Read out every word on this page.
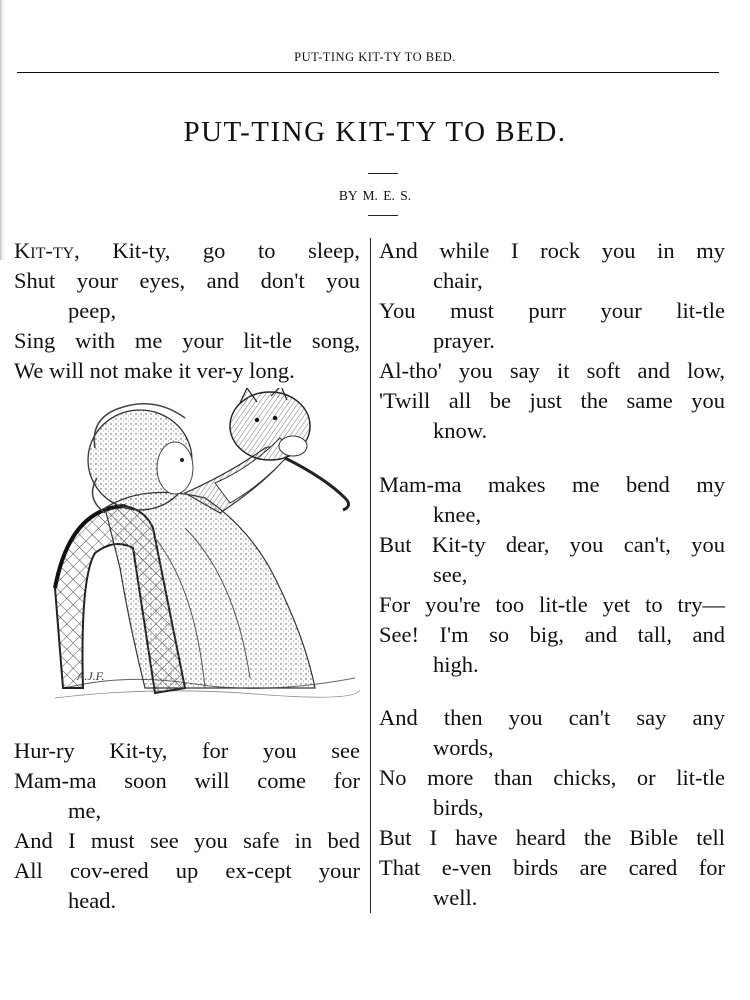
PUT-TING KIT-TY TO BED.
PUT-TING KIT-TY TO BED.
BY M. E. S.
Kit-ty, Kit-ty, go to sleep,
Shut your eyes, and don't you
peep,
Sing with me your lit-tle song,
We will not make it ver-y long.
A.J.F.
Hur-ry Kit-ty, for you see
Mam-ma soon will come for
me,
And I must see you safe in bed
All cov-ered up ex-cept your
head.
And while I rock you in my
chair,
You must purr your lit-tle
prayer.
Al-tho' you say it soft and low,
'Twill all be just the same you
know.
Mam-ma makes me bend my
knee,
But Kit-ty dear, you can't, you
see,
For you're too lit-tle yet to try—
See! I'm so big, and tall, and
high.
And then you can't say any
words,
No more than chicks, or lit-tle
birds,
But I have heard the Bible tell
That e-ven birds are cared for
well.
